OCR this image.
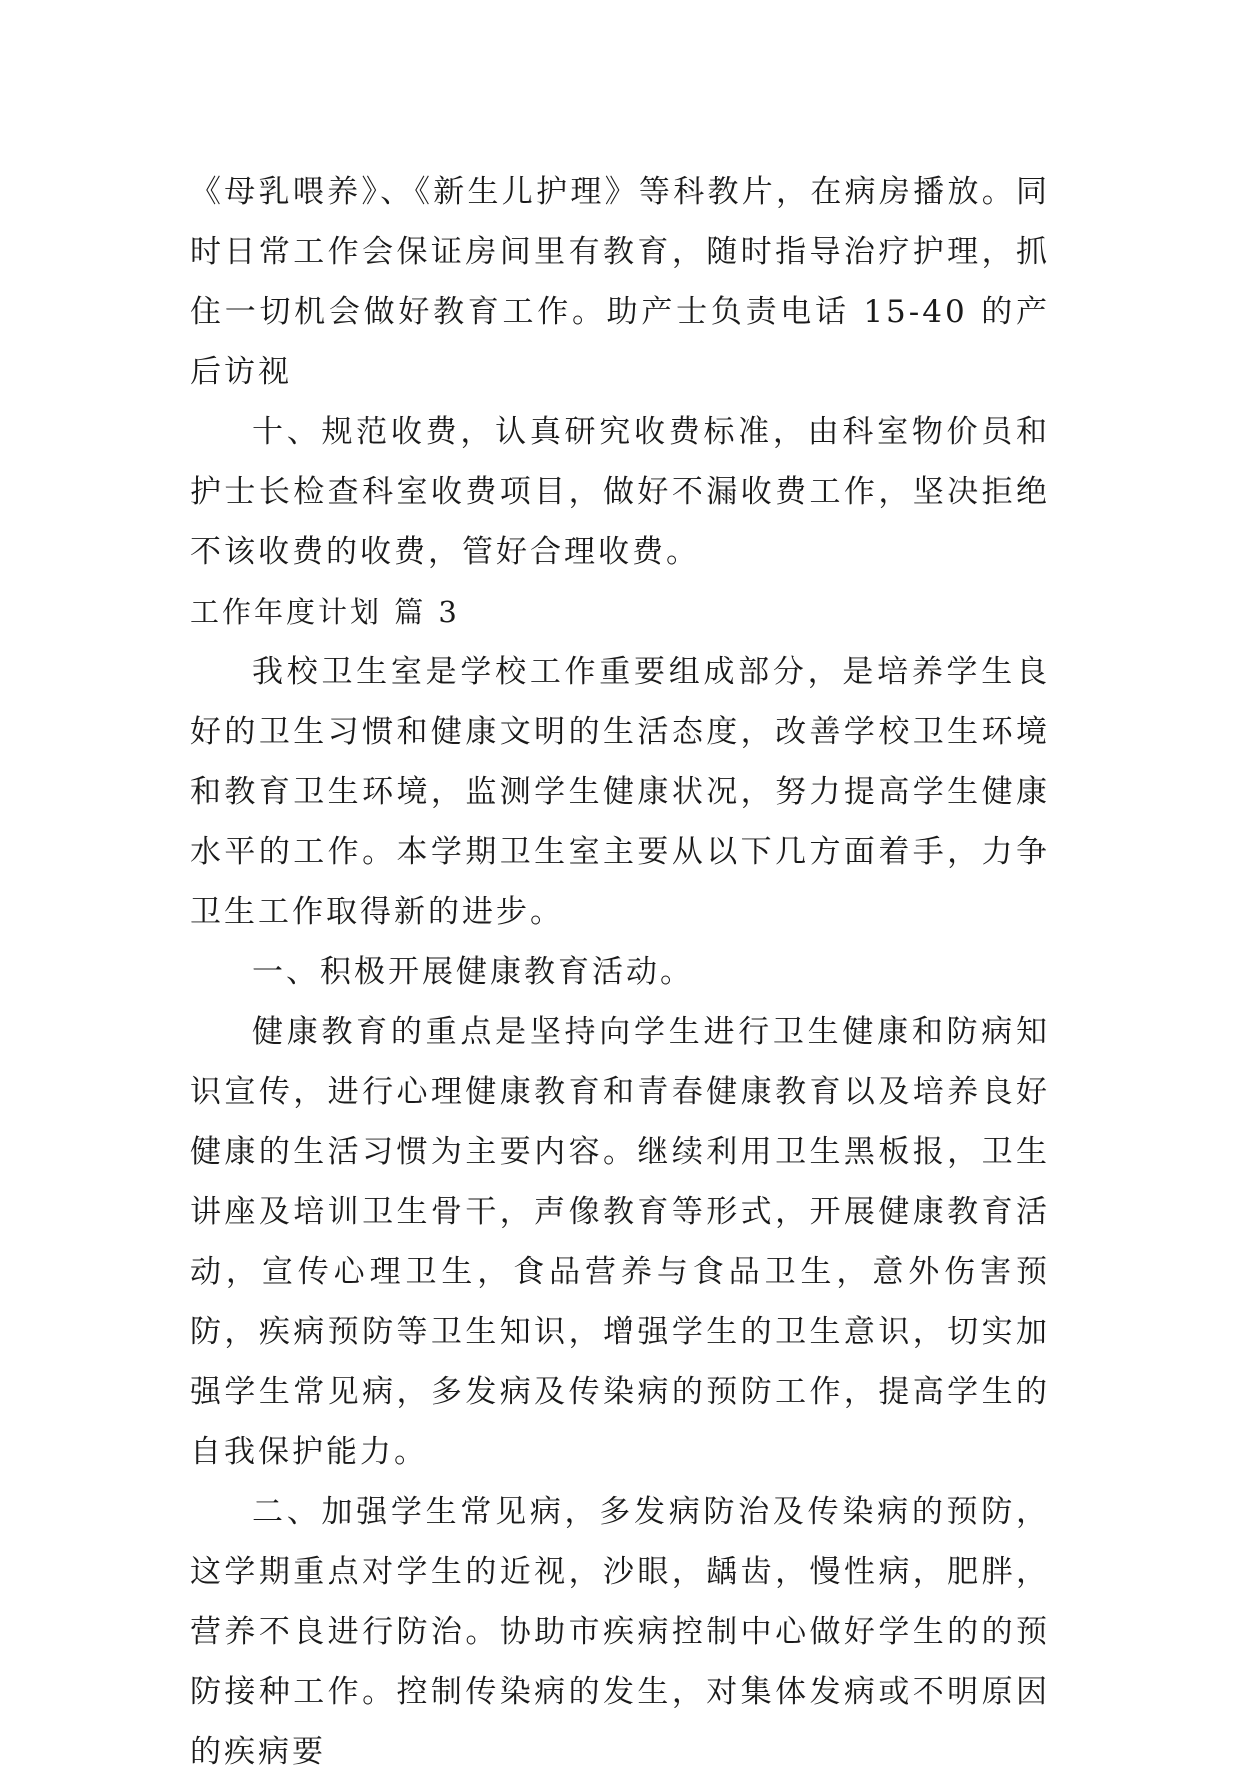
《母乳喂养》、《新生儿护理》等科教片，在病房播放。同时日常工作会保证房间里有教育，随时指导治疗护理，抓住一切机会做好教育工作。助产士负责电话 15-40 的产后访视

十、规范收费，认真研究收费标准，由科室物价员和护士长检查科室收费项目，做好不漏收费工作，坚决拒绝不该收费的收费，管好合理收费。

工作年度计划 篇 3

我校卫生室是学校工作重要组成部分，是培养学生良好的卫生习惯和健康文明的生活态度，改善学校卫生环境和教育卫生环境，监测学生健康状况，努力提高学生健康水平的工作。本学期卫生室主要从以下几方面着手，力争卫生工作取得新的进步。

一、积极开展健康教育活动。

健康教育的重点是坚持向学生进行卫生健康和防病知识宣传，进行心理健康教育和青春健康教育以及培养良好健康的生活习惯为主要内容。继续利用卫生黑板报，卫生讲座及培训卫生骨干，声像教育等形式，开展健康教育活动，宣传心理卫生，食品营养与食品卫生，意外伤害预防，疾病预防等卫生知识，增强学生的卫生意识，切实加强学生常见病，多发病及传染病的预防工作，提高学生的自我保护能力。

二、加强学生常见病，多发病防治及传染病的预防，这学期重点对学生的近视，沙眼，龋齿，慢性病，肥胖，营养不良进行防治。协助市疾病控制中心做好学生的的预防接种工作。控制传染病的发生，对集体发病或不明原因的疾病要
